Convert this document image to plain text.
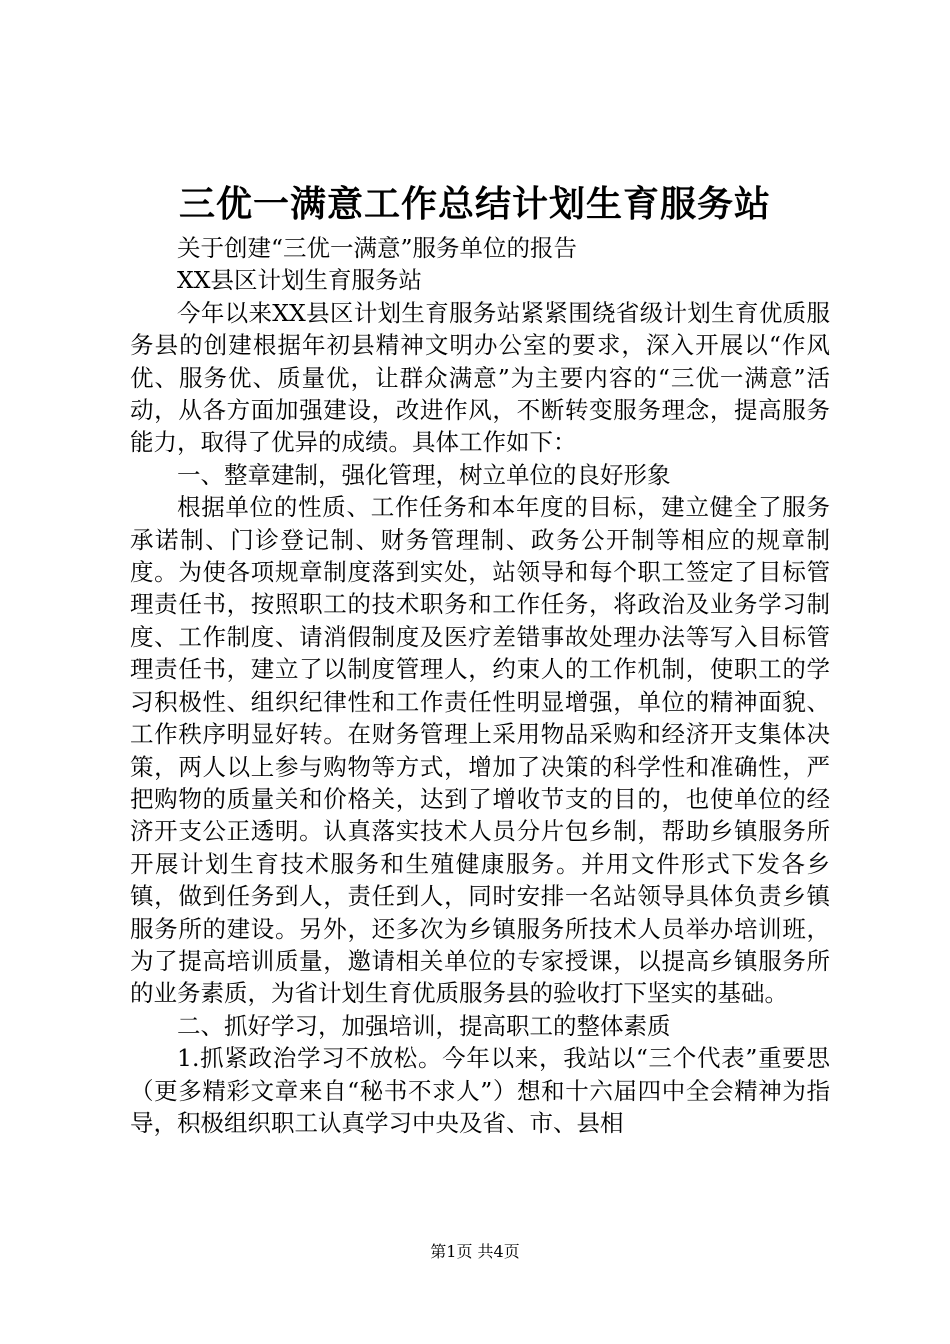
三优一满意工作总结计划生育服务站

关于创建“三优一满意”服务单位的报告

XX县区计划生育服务站

今年以来XX县区计划生育服务站紧紧围绕省级计划生育优质服务县的创建根据年初县精神文明办公室的要求，深入开展以“作风优、服务优、质量优，让群众满意”为主要内容的“三优一满意”活动，从各方面加强建设，改进作风，不断转变服务理念，提高服务能力，取得了优异的成绩。具体工作如下：

一、整章建制，强化管理，树立单位的良好形象

根据单位的性质、工作任务和本年度的目标，建立健全了服务承诺制、门诊登记制、财务管理制、政务公开制等相应的规章制度。为使各项规章制度落到实处，站领导和每个职工签定了目标管理责任书，按照职工的技术职务和工作任务，将政治及业务学习制度、工作制度、请消假制度及医疗差错事故处理办法等写入目标管理责任书，建立了以制度管理人，约束人的工作机制，使职工的学习积极性、组织纪律性和工作责任性明显增强，单位的精神面貌、工作秩序明显好转。在财务管理上采用物品采购和经济开支集体决策，两人以上参与购物等方式，增加了决策的科学性和准确性，严把购物的质量关和价格关，达到了增收节支的目的，也使单位的经济开支公正透明。认真落实技术人员分片包乡制，帮助乡镇服务所开展计划生育技术服务和生殖健康服务。并用文件形式下发各乡镇，做到任务到人，责任到人，同时安排一名站领导具体负责乡镇服务所的建设。另外，还多次为乡镇服务所技术人员举办培训班，为了提高培训质量，邀请相关单位的专家授课，以提高乡镇服务所的业务素质，为省计划生育优质服务县的验收打下坚实的基础。

二、抓好学习，加强培训，提高职工的整体素质

1.抓紧政治学习不放松。今年以来，我站以“三个代表”重要思（更多精彩文章来自“秘书不求人”）想和十六届四中全会精神为指导，积极组织职工认真学习中央及省、市、县相

第1页 共4页
